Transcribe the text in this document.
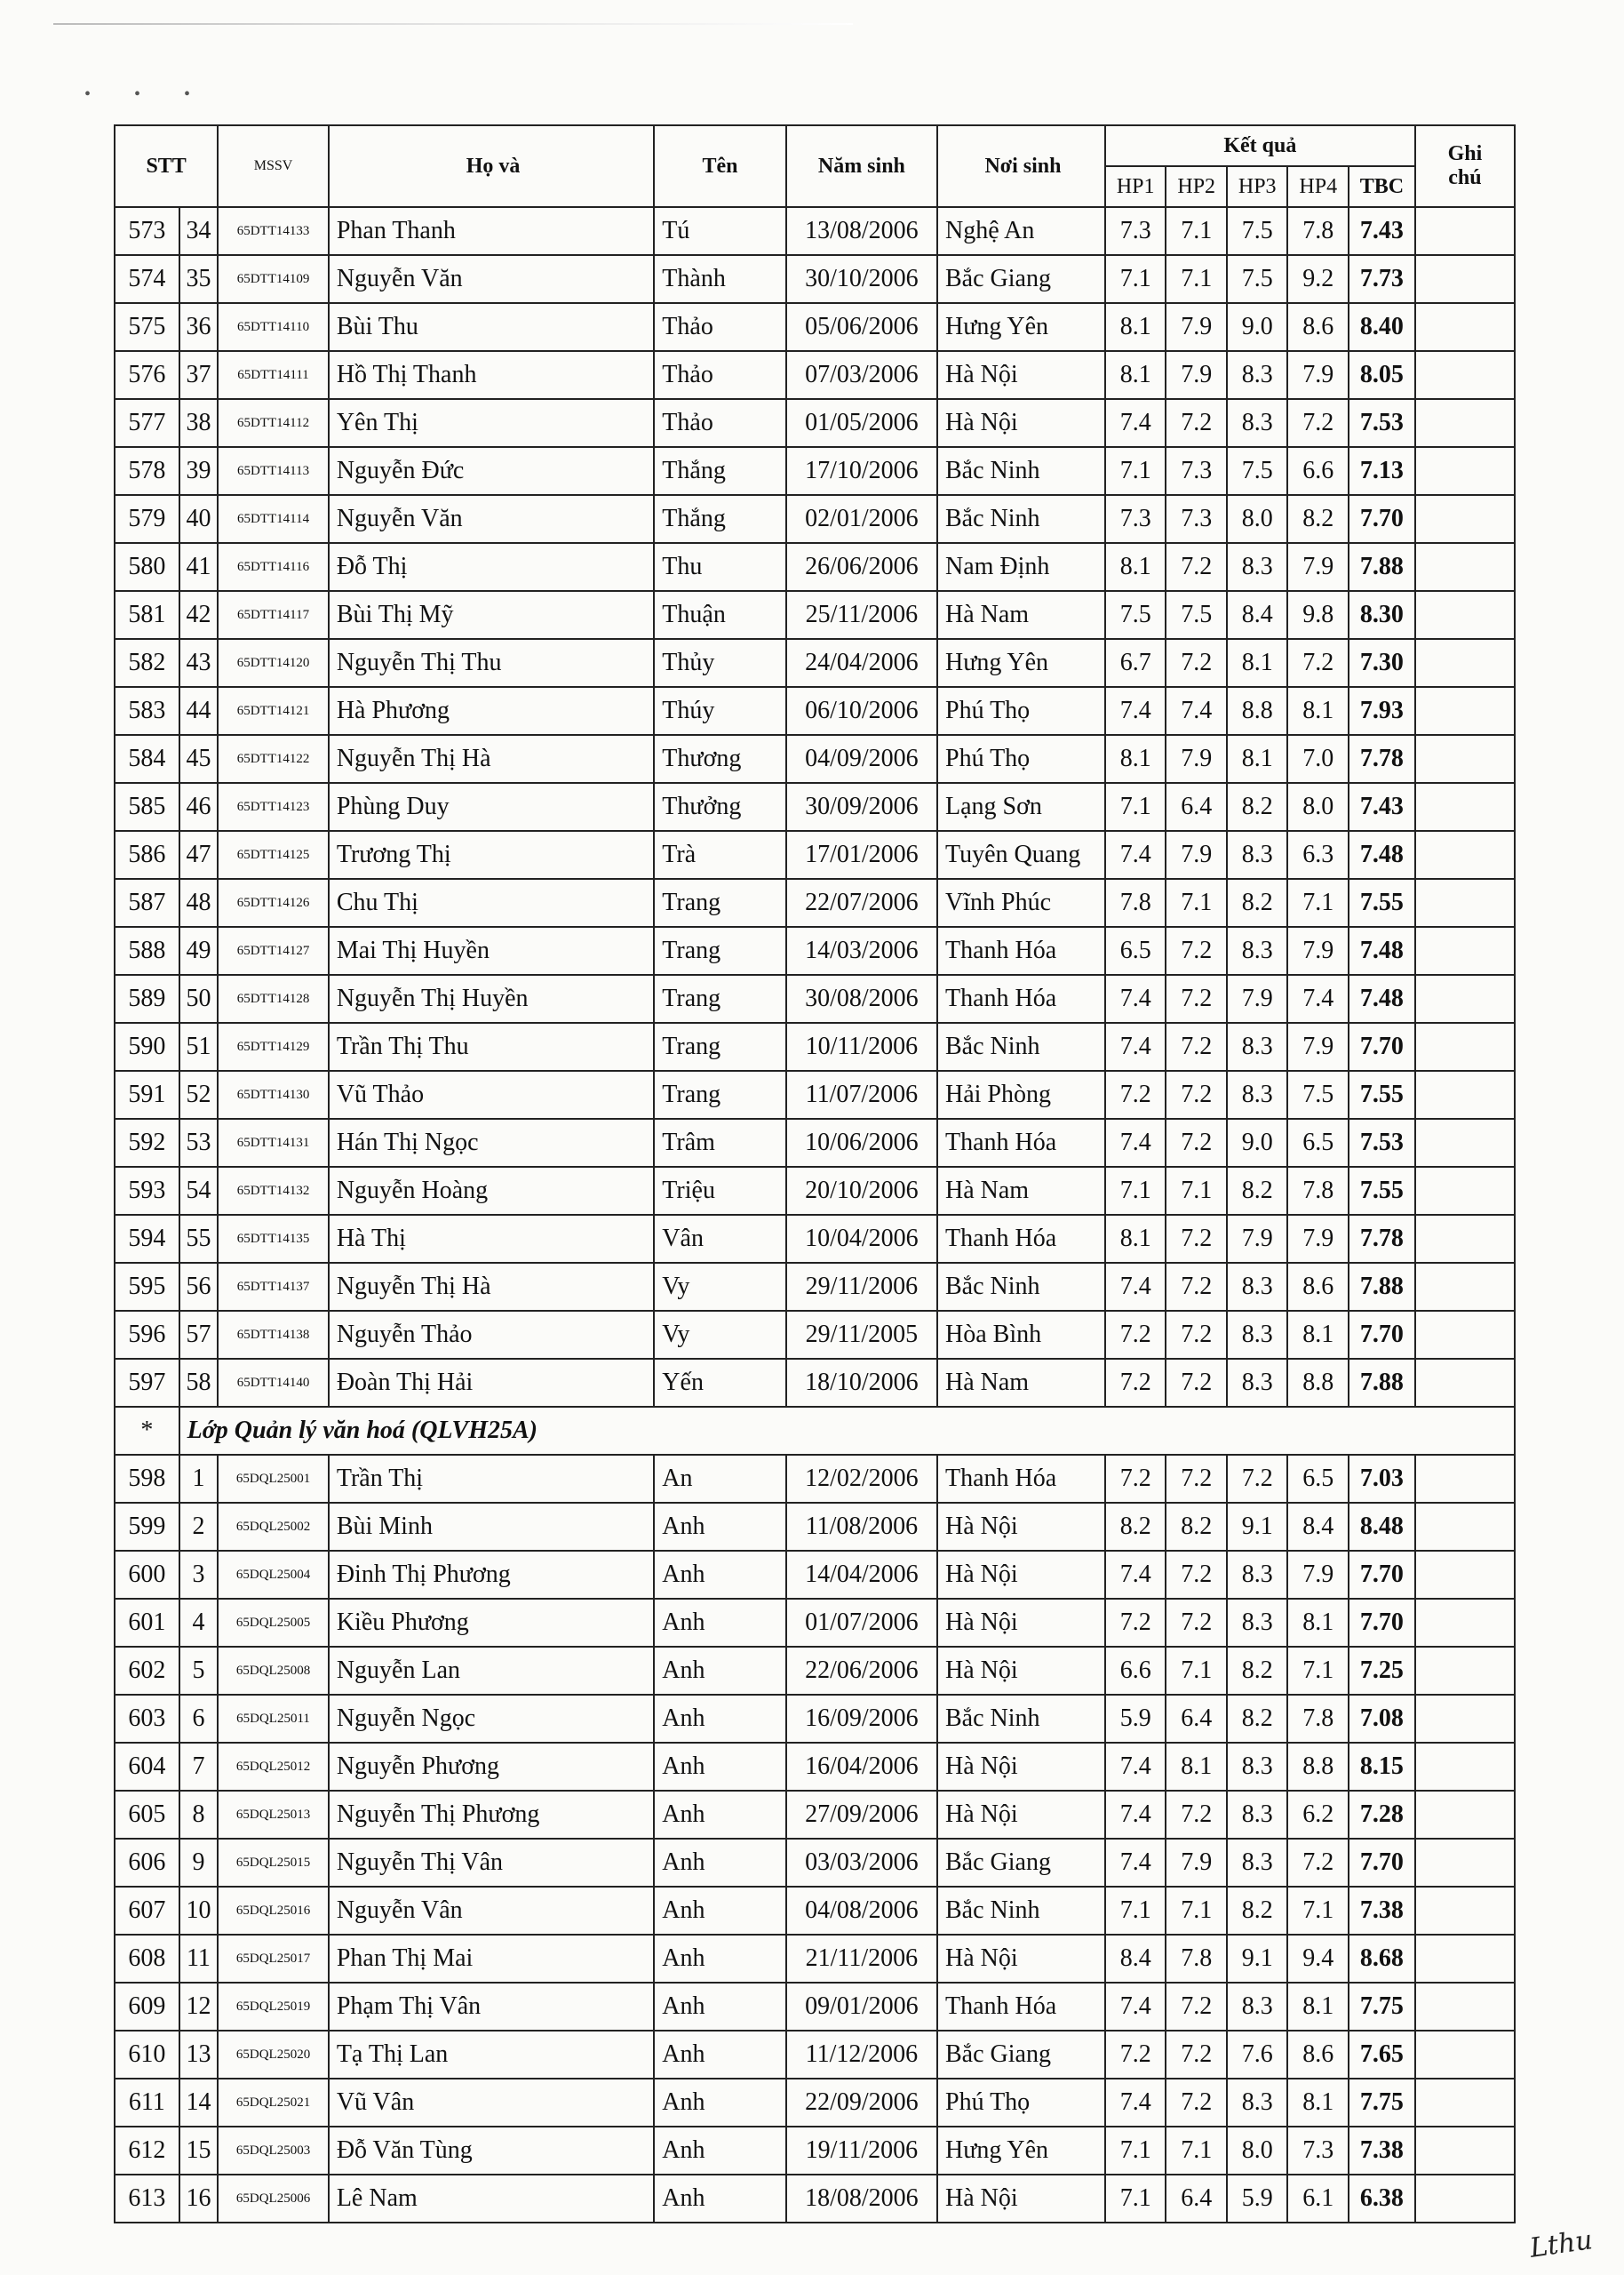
• • •
STT		MSSV	Họ và	Tên	Năm sinh	Nơi sinh	Kết quả					Ghi
chú

							HP1	HP2	HP3	HP4	TBC	
573	34	65DTT14133	Phan Thanh	Tú	13/08/2006	Nghệ An	7.3	7.1	7.5	7.8	7.43	
574	35	65DTT14109	Nguyễn Văn	Thành	30/10/2006	Bắc Giang	7.1	7.1	7.5	9.2	7.73	
575	36	65DTT14110	Bùi Thu	Thảo	05/06/2006	Hưng Yên	8.1	7.9	9.0	8.6	8.40	
576	37	65DTT14111	Hồ Thị Thanh	Thảo	07/03/2006	Hà Nội	8.1	7.9	8.3	7.9	8.05	
577	38	65DTT14112	Yên Thị	Thảo	01/05/2006	Hà Nội	7.4	7.2	8.3	7.2	7.53	
578	39	65DTT14113	Nguyễn Đức	Thắng	17/10/2006	Bắc Ninh	7.1	7.3	7.5	6.6	7.13	
579	40	65DTT14114	Nguyễn Văn	Thắng	02/01/2006	Bắc Ninh	7.3	7.3	8.0	8.2	7.70	
580	41	65DTT14116	Đỗ Thị	Thu	26/06/2006	Nam Định	8.1	7.2	8.3	7.9	7.88	
581	42	65DTT14117	Bùi Thị Mỹ	Thuận	25/11/2006	Hà Nam	7.5	7.5	8.4	9.8	8.30	
582	43	65DTT14120	Nguyễn Thị Thu	Thủy	24/04/2006	Hưng Yên	6.7	7.2	8.1	7.2	7.30	
583	44	65DTT14121	Hà Phương	Thúy	06/10/2006	Phú Thọ	7.4	7.4	8.8	8.1	7.93	
584	45	65DTT14122	Nguyễn Thị Hà	Thương	04/09/2006	Phú Thọ	8.1	7.9	8.1	7.0	7.78	
585	46	65DTT14123	Phùng Duy	Thưởng	30/09/2006	Lạng Sơn	7.1	6.4	8.2	8.0	7.43	
586	47	65DTT14125	Trương Thị	Trà	17/01/2006	Tuyên Quang	7.4	7.9	8.3	6.3	7.48	
587	48	65DTT14126	Chu Thị	Trang	22/07/2006	Vĩnh Phúc	7.8	7.1	8.2	7.1	7.55	
588	49	65DTT14127	Mai Thị Huyền	Trang	14/03/2006	Thanh Hóa	6.5	7.2	8.3	7.9	7.48	
589	50	65DTT14128	Nguyễn Thị Huyền	Trang	30/08/2006	Thanh Hóa	7.4	7.2	7.9	7.4	7.48	
590	51	65DTT14129	Trần Thị Thu	Trang	10/11/2006	Bắc Ninh	7.4	7.2	8.3	7.9	7.70	
591	52	65DTT14130	Vũ Thảo	Trang	11/07/2006	Hải Phòng	7.2	7.2	8.3	7.5	7.55	
592	53	65DTT14131	Hán Thị Ngọc	Trâm	10/06/2006	Thanh Hóa	7.4	7.2	9.0	6.5	7.53	
593	54	65DTT14132	Nguyễn Hoàng	Triệu	20/10/2006	Hà Nam	7.1	7.1	8.2	7.8	7.55	
594	55	65DTT14135	Hà Thị	Vân	10/04/2006	Thanh Hóa	8.1	7.2	7.9	7.9	7.78	
595	56	65DTT14137	Nguyễn Thị Hà	Vy	29/11/2006	Bắc Ninh	7.4	7.2	8.3	8.6	7.88	
596	57	65DTT14138	Nguyễn Thảo	Vy	29/11/2005	Hòa Bình	7.2	7.2	8.3	8.1	7.70	
597	58	65DTT14140	Đoàn Thị Hải	Yến	18/10/2006	Hà Nam	7.2	7.2	8.3	8.8	7.88	
*	Lớp Quản lý văn hoá (QLVH25A)											
598	1	65DQL25001	Trần Thị	An	12/02/2006	Thanh Hóa	7.2	7.2	7.2	6.5	7.03	
599	2	65DQL25002	Bùi Minh	Anh	11/08/2006	Hà Nội	8.2	8.2	9.1	8.4	8.48	
600	3	65DQL25004	Đinh Thị Phương	Anh	14/04/2006	Hà Nội	7.4	7.2	8.3	7.9	7.70	
601	4	65DQL25005	Kiều Phương	Anh	01/07/2006	Hà Nội	7.2	7.2	8.3	8.1	7.70	
602	5	65DQL25008	Nguyễn Lan	Anh	22/06/2006	Hà Nội	6.6	7.1	8.2	7.1	7.25	
603	6	65DQL25011	Nguyễn Ngọc	Anh	16/09/2006	Bắc Ninh	5.9	6.4	8.2	7.8	7.08	
604	7	65DQL25012	Nguyễn Phương	Anh	16/04/2006	Hà Nội	7.4	8.1	8.3	8.8	8.15	
605	8	65DQL25013	Nguyễn Thị Phương	Anh	27/09/2006	Hà Nội	7.4	7.2	8.3	6.2	7.28	
606	9	65DQL25015	Nguyễn Thị Vân	Anh	03/03/2006	Bắc Giang	7.4	7.9	8.3	7.2	7.70	
607	10	65DQL25016	Nguyễn Vân	Anh	04/08/2006	Bắc Ninh	7.1	7.1	8.2	7.1	7.38	
608	11	65DQL25017	Phan Thị Mai	Anh	21/11/2006	Hà Nội	8.4	7.8	9.1	9.4	8.68	
609	12	65DQL25019	Phạm Thị Vân	Anh	09/01/2006	Thanh Hóa	7.4	7.2	8.3	8.1	7.75	
610	13	65DQL25020	Tạ Thị Lan	Anh	11/12/2006	Bắc Giang	7.2	7.2	7.6	8.6	7.65	
611	14	65DQL25021	Vũ Vân	Anh	22/09/2006	Phú Thọ	7.4	7.2	8.3	8.1	7.75	
612	15	65DQL25003	Đỗ Văn Tùng	Anh	19/11/2006	Hưng Yên	7.1	7.1	8.0	7.3	7.38	
613	16	65DQL25006	Lê Nam	Anh	18/08/2006	Hà Nội	7.1	6.4	5.9	6.1	6.38	
Lthu
